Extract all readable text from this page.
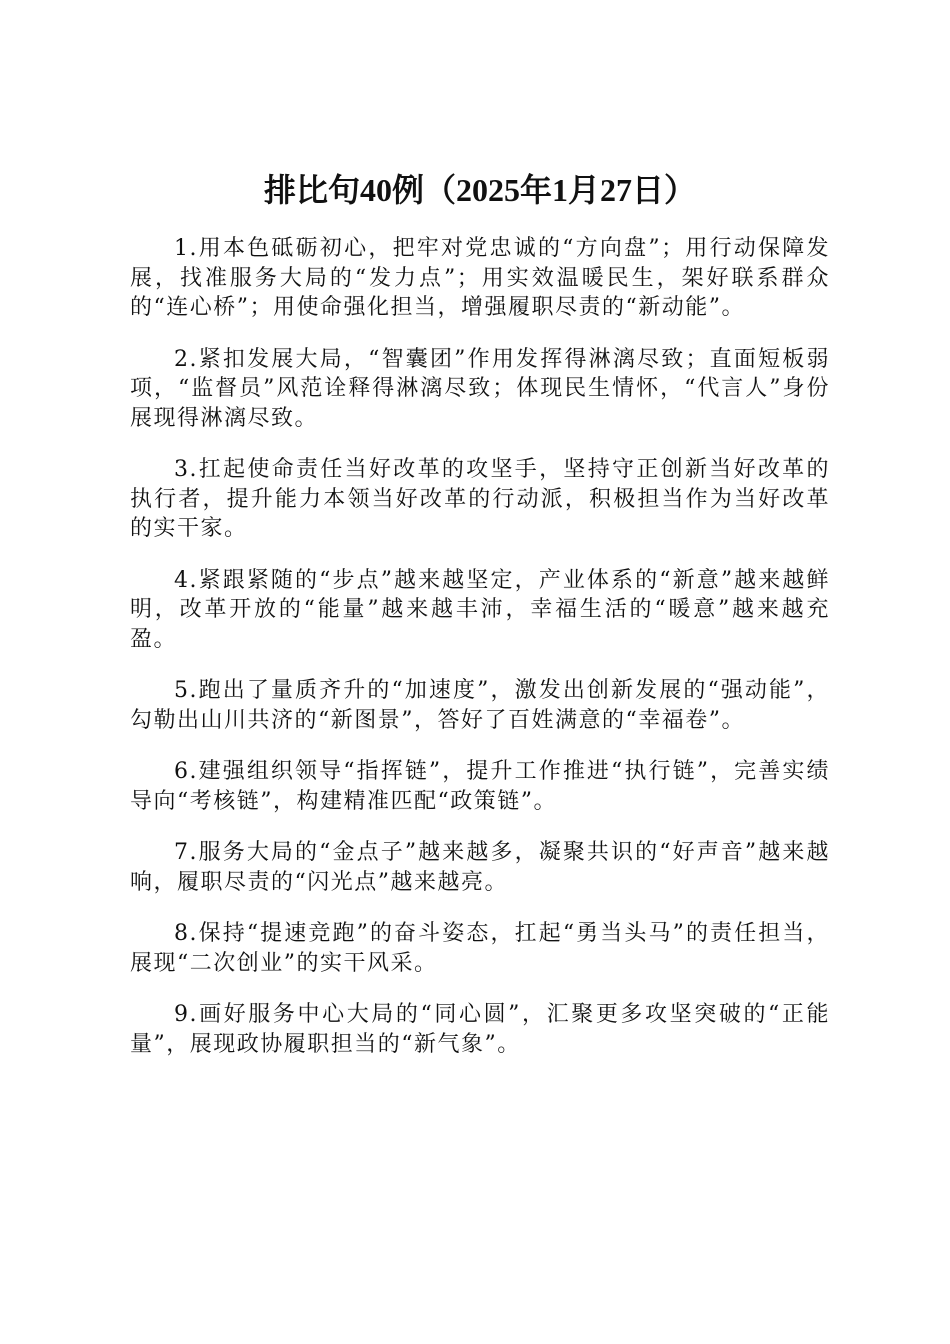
排比句40例（2025年1月27日）

1.用本色砥砺初心，把牢对党忠诚的“方向盘”；用行动保障发展，找准服务大局的“发力点”；用实效温暖民生，架好联系群众的“连心桥”；用使命强化担当，增强履职尽责的“新动能”。

2.紧扣发展大局，“智囊团”作用发挥得淋漓尽致；直面短板弱项，“监督员”风范诠释得淋漓尽致；体现民生情怀，“代言人”身份展现得淋漓尽致。

3.扛起使命责任当好改革的攻坚手，坚持守正创新当好改革的执行者，提升能力本领当好改革的行动派，积极担当作为当好改革的实干家。

4.紧跟紧随的“步点”越来越坚定，产业体系的“新意”越来越鲜明，改革开放的“能量”越来越丰沛，幸福生活的“暖意”越来越充盈。

5.跑出了量质齐升的“加速度”，激发出创新发展的“强动能”，勾勒出山川共济的“新图景”，答好了百姓满意的“幸福卷”。

6.建强组织领导“指挥链”，提升工作推进“执行链”，完善实绩导向“考核链”，构建精准匹配“政策链”。

7.服务大局的“金点子”越来越多，凝聚共识的“好声音”越来越响，履职尽责的“闪光点”越来越亮。

8.保持“提速竞跑”的奋斗姿态，扛起“勇当头马”的责任担当，展现“二次创业”的实干风采。

9.画好服务中心大局的“同心圆”，汇聚更多攻坚突破的“正能量”，展现政协履职担当的“新气象”。
